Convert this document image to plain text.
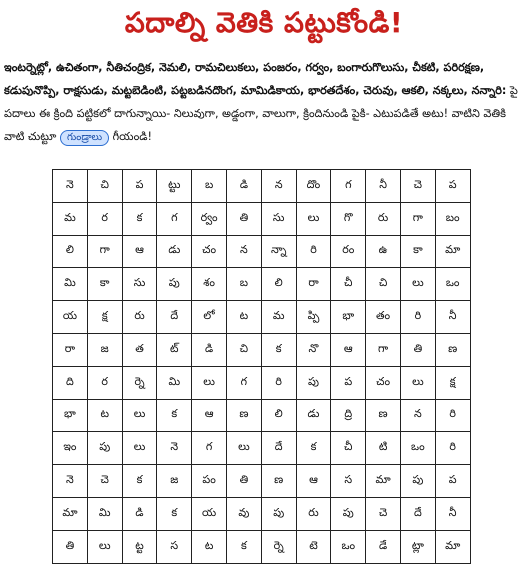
పదాల్ని వెతికి పట్టుకోండి!
ఇంటర్నెట్లో, ఉచితంగా, నీతిచంద్రిక, నెమలి, రామచిలుకలు, పంజరం, గర్వం, బంగారుగొలుసు, చీకటి, పరిరక్షణ, కడుపునొప్పి, రాక్షసుడు, మట్టబెడింటి, పట్టబడినదొంగ, మామిడికాయ, భారతదేశం, చెరువు, ఆకలి, నక్కలు, నన్నారి: పై పదాలు ఈ క్రింది పట్టికలో దాగున్నాయి- నిలువుగా, అడ్డంగా, వాలుగా, క్రిందినుండి పైకి- ఎటుపడితే అటు! వాటిని వెతికి వాటి చుట్టూ గుండ్రాలు గీయండి!
నె	చి	ప	ట్టు	బ	డి	న	దొం	గ	నీ	చె	ప
మ	ర	క	గ	ర్వం	తి	సు	లు	గొ	రు	గా	బం
లి	గా	ఆ	డు	చం	న	న్నా	రి	రం	ఉ	కా	మా
మి	కా	సు	పు	శం	బ	లి	రా	చీ	చి	లు	ఒం
య	క్ష	రు	దే	లో	ట	మ	ప్పి	భా	తం	రి	నీ
రా	జ	త	ట్	డి	చి	క	నొ	ఆ	గా	తి	ణ
ది	ర	ర్నె	మి	లు	గ	రి	పు	ప	చం	లు	క్ష
భా	ట	లు	క	ఆ	ణ	లి	డు	ద్రి	ణ	న	రి
ఇం	పు	లు	నె	గ	లు	దే	క	చీ	టి	ఒం	రి
నె	చె	క	జ	పం	తి	ణ	ఆ	స	మా	పు	ప
మా	మి	డి	క	య	వు	పు	రు	పు	చె	దే	నీ
తి	లు	ట్ట	స	ట	క	ర్నె	టె	ఒం	డే	ట్లా	మా
